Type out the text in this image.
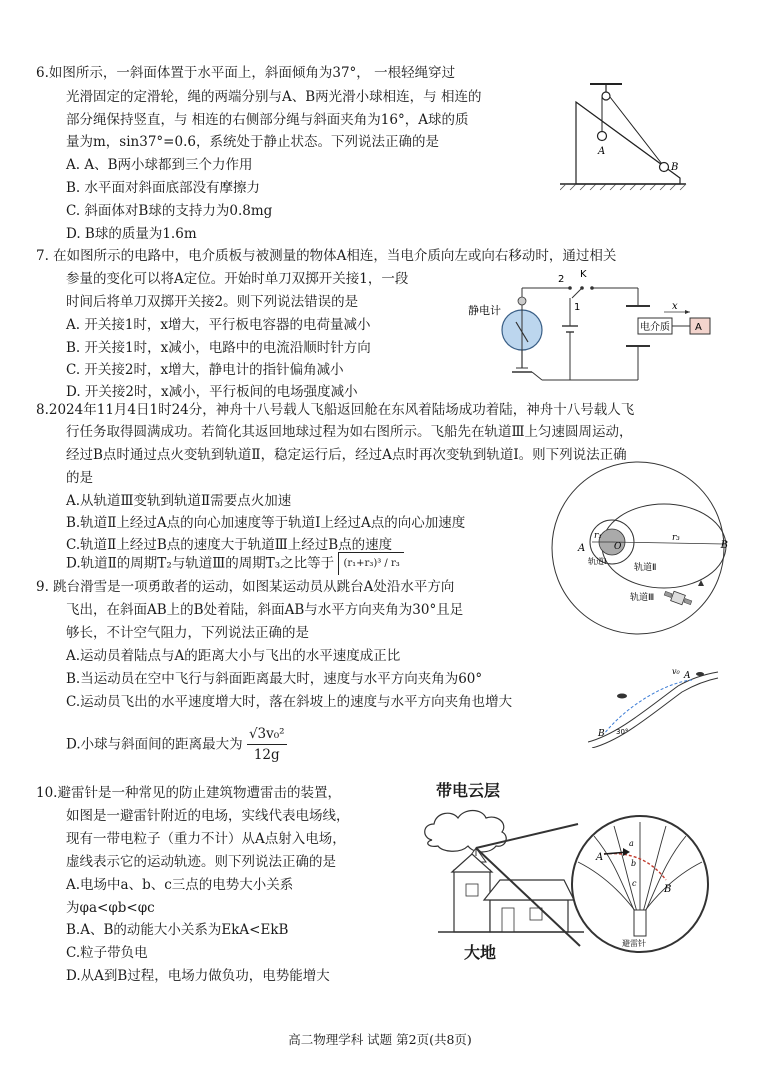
6.如图所示，一斜面体置于水平面上，斜面倾角为37°， 一根轻绳穿过
光滑固定的定滑轮，绳的两端分别与A、B两光滑小球相连，与 相连的
部分绳保持竖直，与 相连的右侧部分绳与斜面夹角为16°，A球的质
量为m，sin37°=0.6，系统处于静止状态。下列说法正确的是
A. A、B两小球都到三个力作用
B. 水平面对斜面底部没有摩擦力
C. 斜面体对B球的支持力为0.8mg
D. B球的质量为1.6m
A
B
7. 在如图所示的电路中，电介质板与被测量的物体A相连，当电介质向左或向右移动时，通过相关
参量的变化可以将A定位。开始时单刀双掷开关接1，一段
时间后将单刀双掷开关接2。则下列说法错误的是
A. 开关接1时，x增大，平行板电容器的电荷量减小
B. 开关接1时，x减小，电路中的电流沿顺时针方向
C. 开关接2时，x增大，静电计的指针偏角减小
D. 开关接2时，x减小，平行板间的电场强度减小
静电计
2 K
1
电介质	A
x
8.2024年11月4日1时24分，神舟十八号载人飞船返回舱在东风着陆场成功着陆，神舟十八号载人飞
行任务取得圆满成功。若简化其返回地球过程为如右图所示。飞船先在轨道Ⅲ上匀速圆周运动，
经过B点时通过点火变轨到轨道Ⅱ，稳定运行后，经过A点时再次变轨到轨道Ⅰ。则下列说法正确
的是
A.从轨道Ⅲ变轨到轨道Ⅱ需要点火加速
B.轨道Ⅱ上经过A点的向心加速度等于轨道Ⅰ上经过A点的向心加速度
C.轨道Ⅱ上经过B点的速度大于轨道Ⅲ上经过B点的速度
D.轨道Ⅱ的周期T₂与轨道Ⅲ的周期T₃之比等于 (r₁+r₃)³ / r₃
O
A
r₁	r₃
B
轨道Ⅰ
轨道Ⅱ
轨道Ⅲ
9. 跳台滑雪是一项勇敢者的运动，如图某运动员从跳台A处沿水平方向
飞出，在斜面AB上的B处着陆，斜面AB与水平方向夹角为30°且足
够长，不计空气阻力，下列说法正确的是
A.运动员着陆点与A的距离大小与飞出的水平速度成正比
B.当运动员在空中飞行与斜面距离最大时，速度与水平方向夹角为60°
C.运动员飞出的水平速度增大时，落在斜坡上的速度与水平方向夹角也增大
D.小球与斜面间的距离最大为 $\frac{\text{√3v₀²}}{12g}$
v₀ A
B 30°
10.避雷针是一种常见的防止建筑物遭雷击的装置，
如图是一避雷针附近的电场，实线代表电场线，
现有一带电粒子（重力不计）从A点射入电场，
虚线表示它的运动轨迹。则下列说法正确的是
A.电场中a、b、c三点的电势大小关系
为φa<φb<φc
B.A、B的动能大小关系为EkA<EkB
C.粒子带负电
D.从A到B过程，电场力做负功，电势能增大
带电云层
大地
A
B
a
b
c
避雷针
高二物理学科 试题 第2页(共8页)
